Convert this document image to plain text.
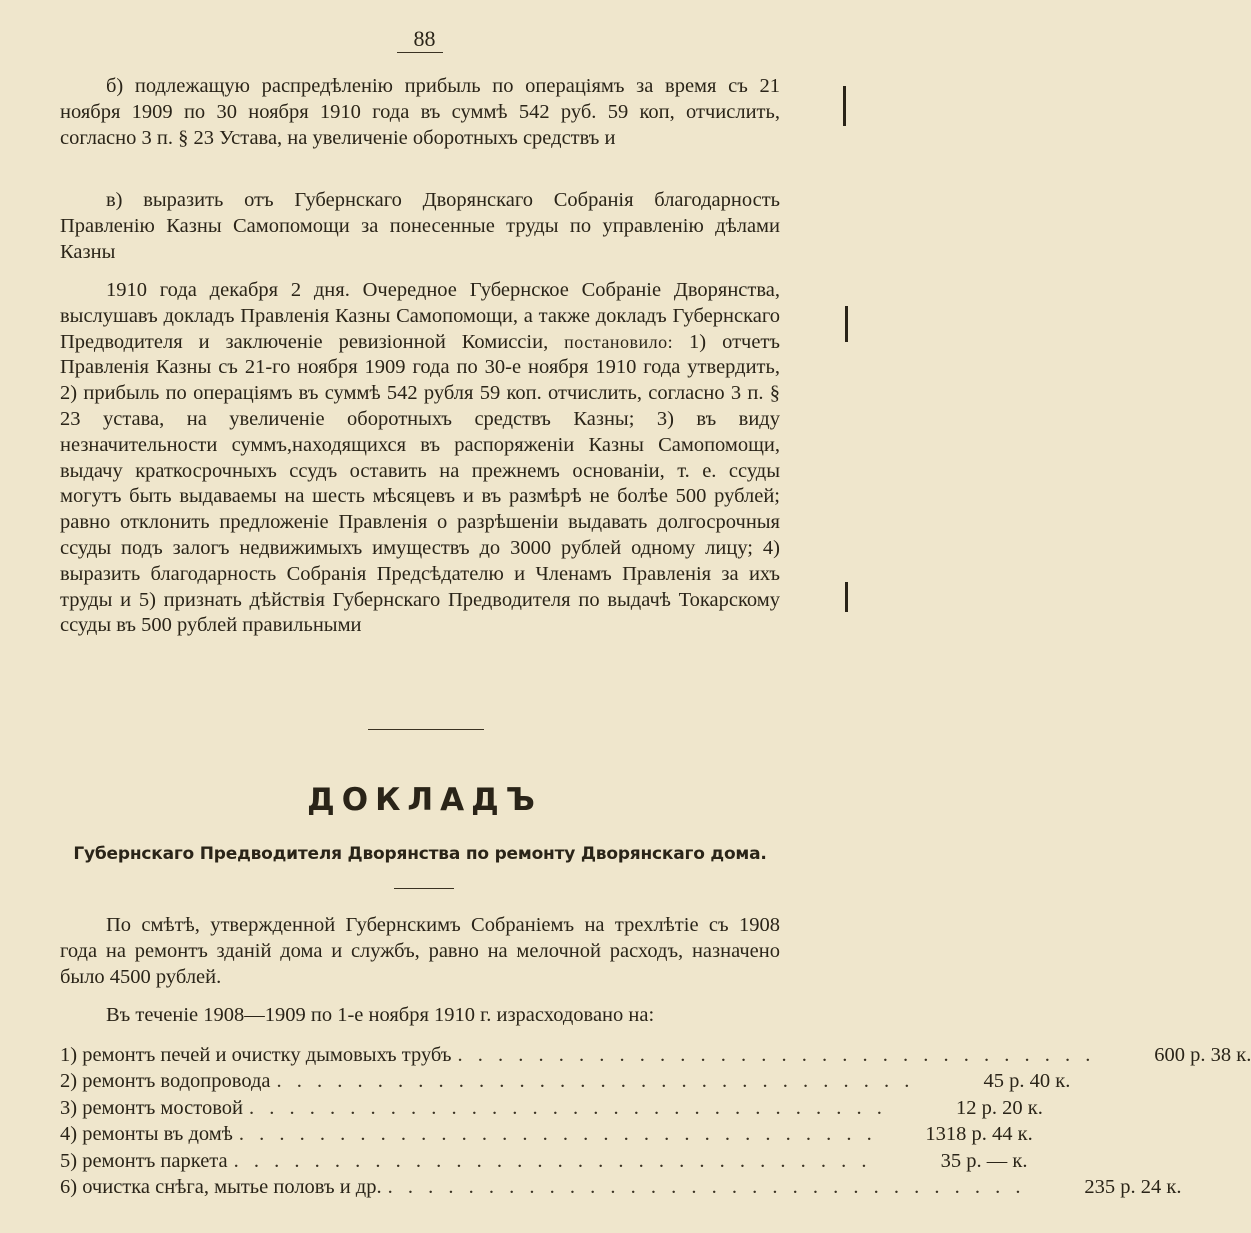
88

б) подлежащую распредѣленію прибыль по операціямъ за время съ 21 ноября 1909 по 30 ноября 1910 года въ суммѣ 542 руб. 59 коп, отчислить, согласно 3 п. § 23 Устава, на увеличеніе оборотныхъ средствъ и

в) выразить отъ Губернскаго Дворянскаго Собранія благодарность Правленію Казны Самопомощи за понесенные труды по управленію дѣлами Казны

1910 года декабря 2 дня. Очередное Губернское Собраніе Дворянства, выслушавъ докладъ Правленія Казны Самопомощи, а также докладъ Губернскаго Предводителя и заключеніе ревизіонной Комиссіи, постановило: 1) отчетъ Правленія Казны съ 21-го ноября 1909 года по 30-е ноября 1910 года утвердить, 2) прибыль по операціямъ въ суммѣ 542 рубля 59 коп. отчислить, согласно 3 п. § 23 устава, на увеличеніе оборотныхъ средствъ Казны; 3) въ виду незначительности суммъ,находящихся въ распоряженіи Казны Самопомощи, выдачу краткосрочныхъ ссудъ оставить на прежнемъ основаніи, т. е. ссуды могутъ быть выдаваемы на шесть мѣсяцевъ и въ размѣрѣ не болѣе 500 рублей; равно отклонить предложеніе Правленія о разрѣшеніи выдавать долгосрочныя ссуды подъ залогъ недвижимыхъ имуществъ до 3000 рублей одному лицу; 4) выразить благодарность Собранія Предсѣдателю и Членамъ Правленія за ихъ труды и 5) признать дѣйствія Губернскаго Предводителя по выдачѣ Токарскому ссуды въ 500 рублей правильными

ДОКЛАДЪ
Губернскаго Предводителя Дворянства по ремонту Дворянскаго дома.

По смѣтѣ, утвержденной Губернскимъ Собраніемъ на трехлѣтіе съ 1908 года на ремонтъ зданій дома и службъ, равно на мелочной расходъ, назначено было 4500 рублей.

Въ теченіе 1908—1909 по 1-е ноября 1910 г. израсходовано на:

1) ремонтъ печей и очистку дымовыхъ трубъ . . . . . . . . . . . . . . . . . . . . . . . . . . . . . . . .	600 р. 38 к.
2) ремонтъ водопровода . . . . . . . . . . . . . . . . . . . . . . . . . . . . . . . .	45 р. 40 к.
3) ремонтъ мостовой . . . . . . . . . . . . . . . . . . . . . . . . . . . . . . . .	12 р. 20 к.
4) ремонты въ домѣ . . . . . . . . . . . . . . . . . . . . . . . . . . . . . . . .	1318 р. 44 к.
5) ремонтъ паркета . . . . . . . . . . . . . . . . . . . . . . . . . . . . . . . .	35 р. — к.
6) очистка снѣга, мытье половъ и др. . . . . . . . . . . . . . . . . . . . . . . . . . . . . . . . .	235 р. 24 к.
